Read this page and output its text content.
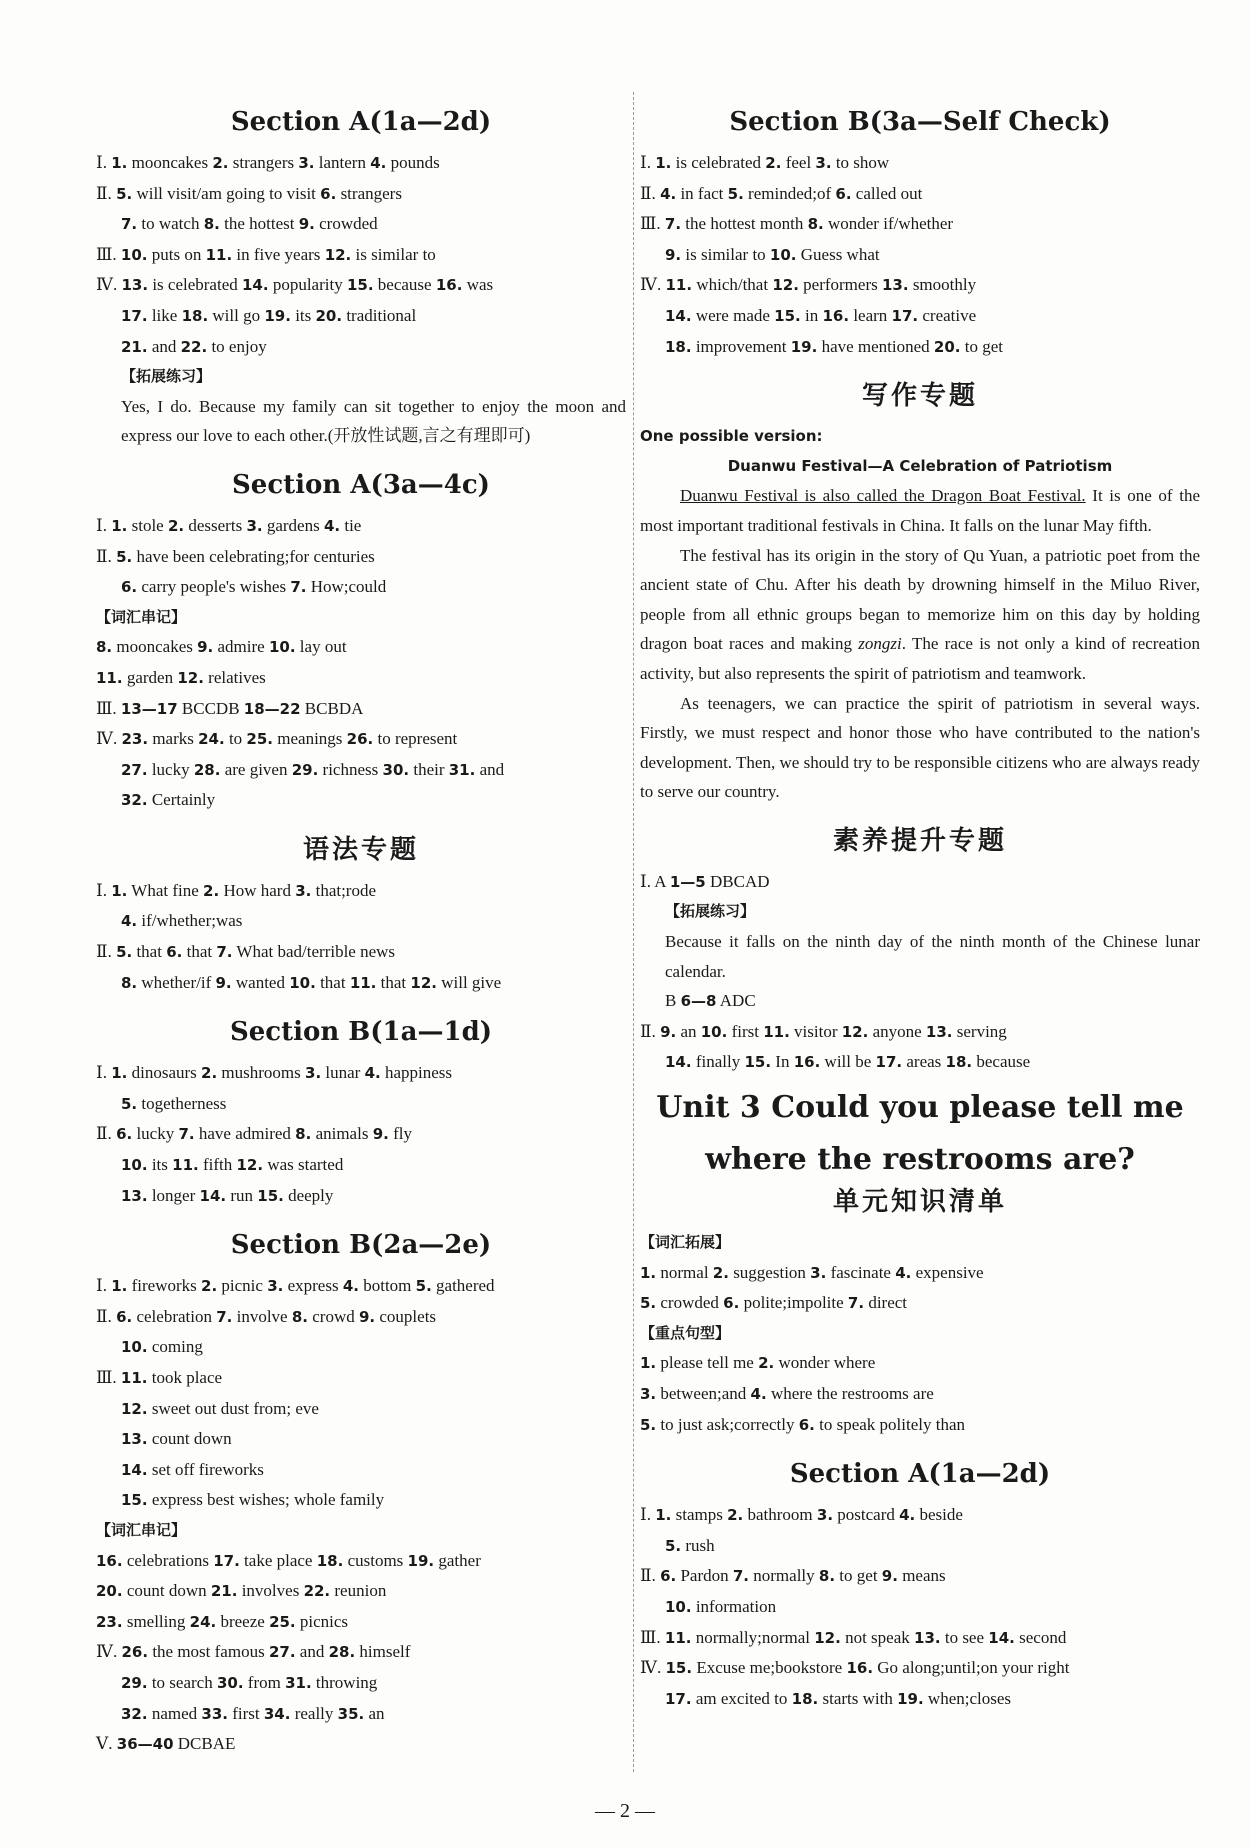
Section A(1a—2d)
Ⅰ. 1. mooncakes 2. strangers 3. lantern 4. pounds
Ⅱ. 5. will visit/am going to visit 6. strangers
7. to watch 8. the hottest 9. crowded
Ⅲ. 10. puts on 11. in five years 12. is similar to
Ⅳ. 13. is celebrated 14. popularity 15. because 16. was
17. like 18. will go 19. its 20. traditional
21. and 22. to enjoy
【拓展练习】
Yes, I do. Because my family can sit together to enjoy the moon and express our love to each other.(开放性试题,言之有理即可)
Section A(3a—4c)
Ⅰ. 1. stole 2. desserts 3. gardens 4. tie
Ⅱ. 5. have been celebrating;for centuries
6. carry people's wishes 7. How;could
【词汇串记】
8. mooncakes 9. admire 10. lay out
11. garden 12. relatives
Ⅲ. 13—17 BCCDB 18—22 BCBDA
Ⅳ. 23. marks 24. to 25. meanings 26. to represent
27. lucky 28. are given 29. richness 30. their 31. and
32. Certainly
语法专题
Ⅰ. 1. What fine 2. How hard 3. that;rode
4. if/whether;was
Ⅱ. 5. that 6. that 7. What bad/terrible news
8. whether/if 9. wanted 10. that 11. that 12. will give
Section B(1a—1d)
Ⅰ. 1. dinosaurs 2. mushrooms 3. lunar 4. happiness
5. togetherness
Ⅱ. 6. lucky 7. have admired 8. animals 9. fly
10. its 11. fifth 12. was started
13. longer 14. run 15. deeply
Section B(2a—2e)
Ⅰ. 1. fireworks 2. picnic 3. express 4. bottom 5. gathered
Ⅱ. 6. celebration 7. involve 8. crowd 9. couplets
10. coming
Ⅲ. 11. took place
12. sweet out dust from; eve
13. count down
14. set off fireworks
15. express best wishes; whole family
【词汇串记】
16. celebrations 17. take place 18. customs 19. gather
20. count down 21. involves 22. reunion
23. smelling 24. breeze 25. picnics
Ⅳ. 26. the most famous 27. and 28. himself
29. to search 30. from 31. throwing
32. named 33. first 34. really 35. an
Ⅴ. 36—40 DCBAE
Section B(3a—Self Check)
Ⅰ. 1. is celebrated 2. feel 3. to show
Ⅱ. 4. in fact 5. reminded;of 6. called out
Ⅲ. 7. the hottest month 8. wonder if/whether
9. is similar to 10. Guess what
Ⅳ. 11. which/that 12. performers 13. smoothly
14. were made 15. in 16. learn 17. creative
18. improvement 19. have mentioned 20. to get
写作专题
One possible version:
Duanwu Festival—A Celebration of Patriotism

Duanwu Festival is also called the Dragon Boat Festival. It is one of the most important traditional festivals in China. It falls on the lunar May fifth.

The festival has its origin in the story of Qu Yuan, a patriotic poet from the ancient state of Chu. After his death by drowning himself in the Miluo River, people from all ethnic groups began to memorize him on this day by holding dragon boat races and making zongzi. The race is not only a kind of recreation activity, but also represents the spirit of patriotism and teamwork.

As teenagers, we can practice the spirit of patriotism in several ways. Firstly, we must respect and honor those who have contributed to the nation's development. Then, we should try to be responsible citizens who are always ready to serve our country.

素养提升专题
Ⅰ. A 1—5 DBCAD
【拓展练习】
Because it falls on the ninth day of the ninth month of the Chinese lunar calendar.
B 6—8 ADC
Ⅱ. 9. an 10. first 11. visitor 12. anyone 13. serving
14. finally 15. In 16. will be 17. areas 18. because
Unit 3 Could you please tell me
where the restrooms are?
单元知识清单
【词汇拓展】
1. normal 2. suggestion 3. fascinate 4. expensive
5. crowded 6. polite;impolite 7. direct
【重点句型】
1. please tell me 2. wonder where
3. between;and 4. where the restrooms are
5. to just ask;correctly 6. to speak politely than
Section A(1a—2d)
Ⅰ. 1. stamps 2. bathroom 3. postcard 4. beside
5. rush
Ⅱ. 6. Pardon 7. normally 8. to get 9. means
10. information
Ⅲ. 11. normally;normal 12. not speak 13. to see 14. second
Ⅳ. 15. Excuse me;bookstore 16. Go along;until;on your right
17. am excited to 18. starts with 19. when;closes
— 2 —
